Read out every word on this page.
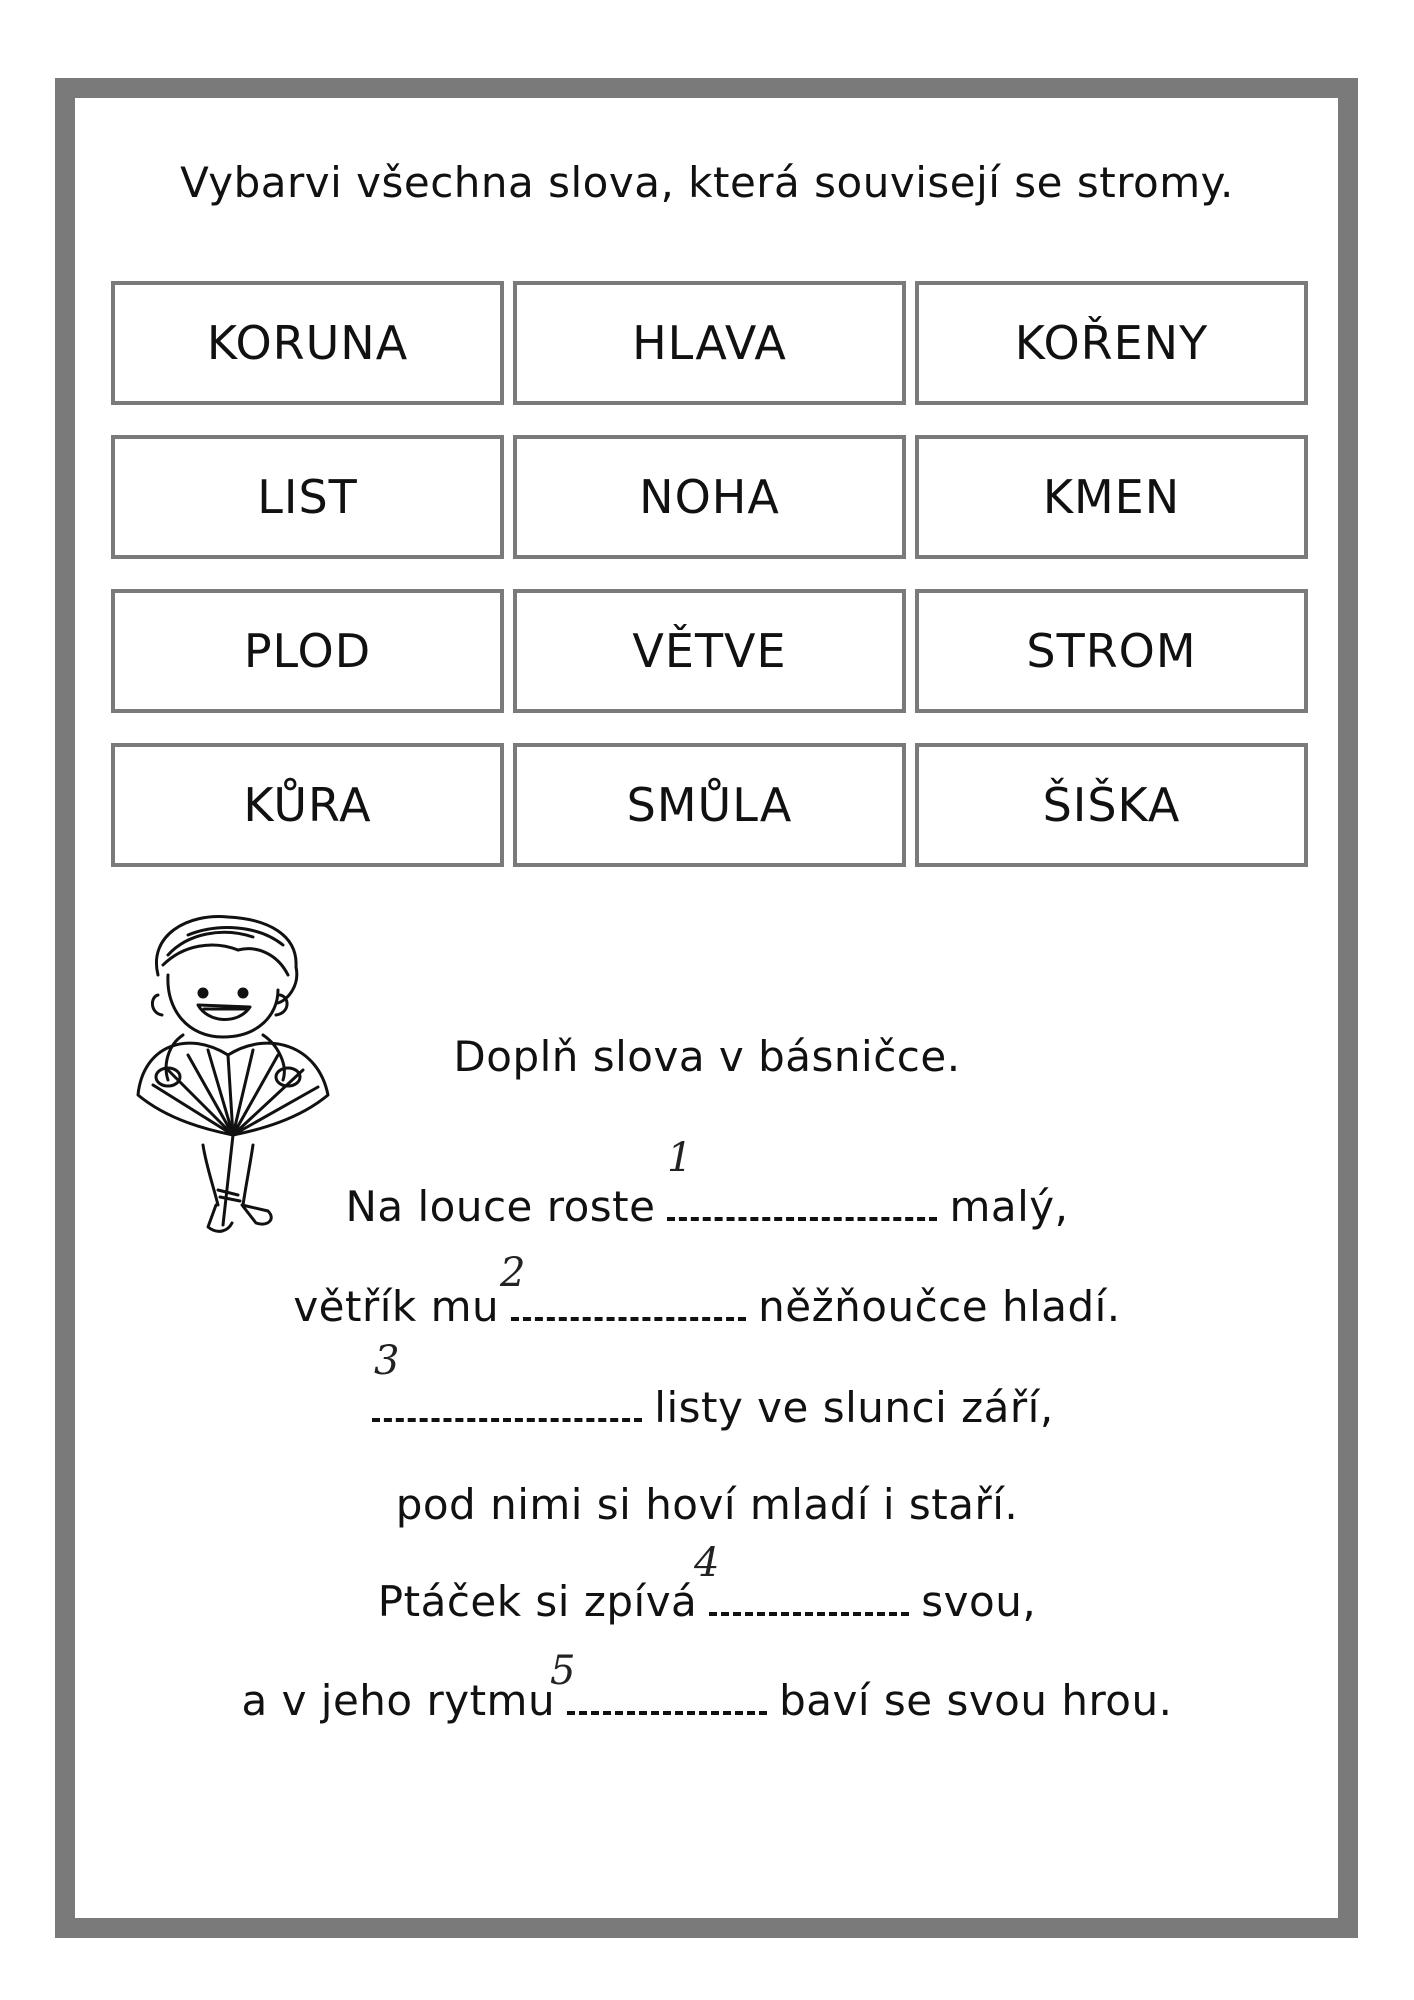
Vybarvi všechna slova, která souvisejí se stromy.
KORUNA	HLAVA	KOŘENY
LIST	NOHA	KMEN
PLOD	VĚTVE	STROM
KŮRA	SMŮLA	ŠIŠKA
Doplň slova v básničce.
Na louce roste	malý,
větřík mu	něžňoučce hladí.
listy ve slunci září,
pod nimi si hoví mladí i staří.
Ptáček si zpívá	svou,
a v jeho rytmu	baví se svou hrou.
1
2
3
4
5
